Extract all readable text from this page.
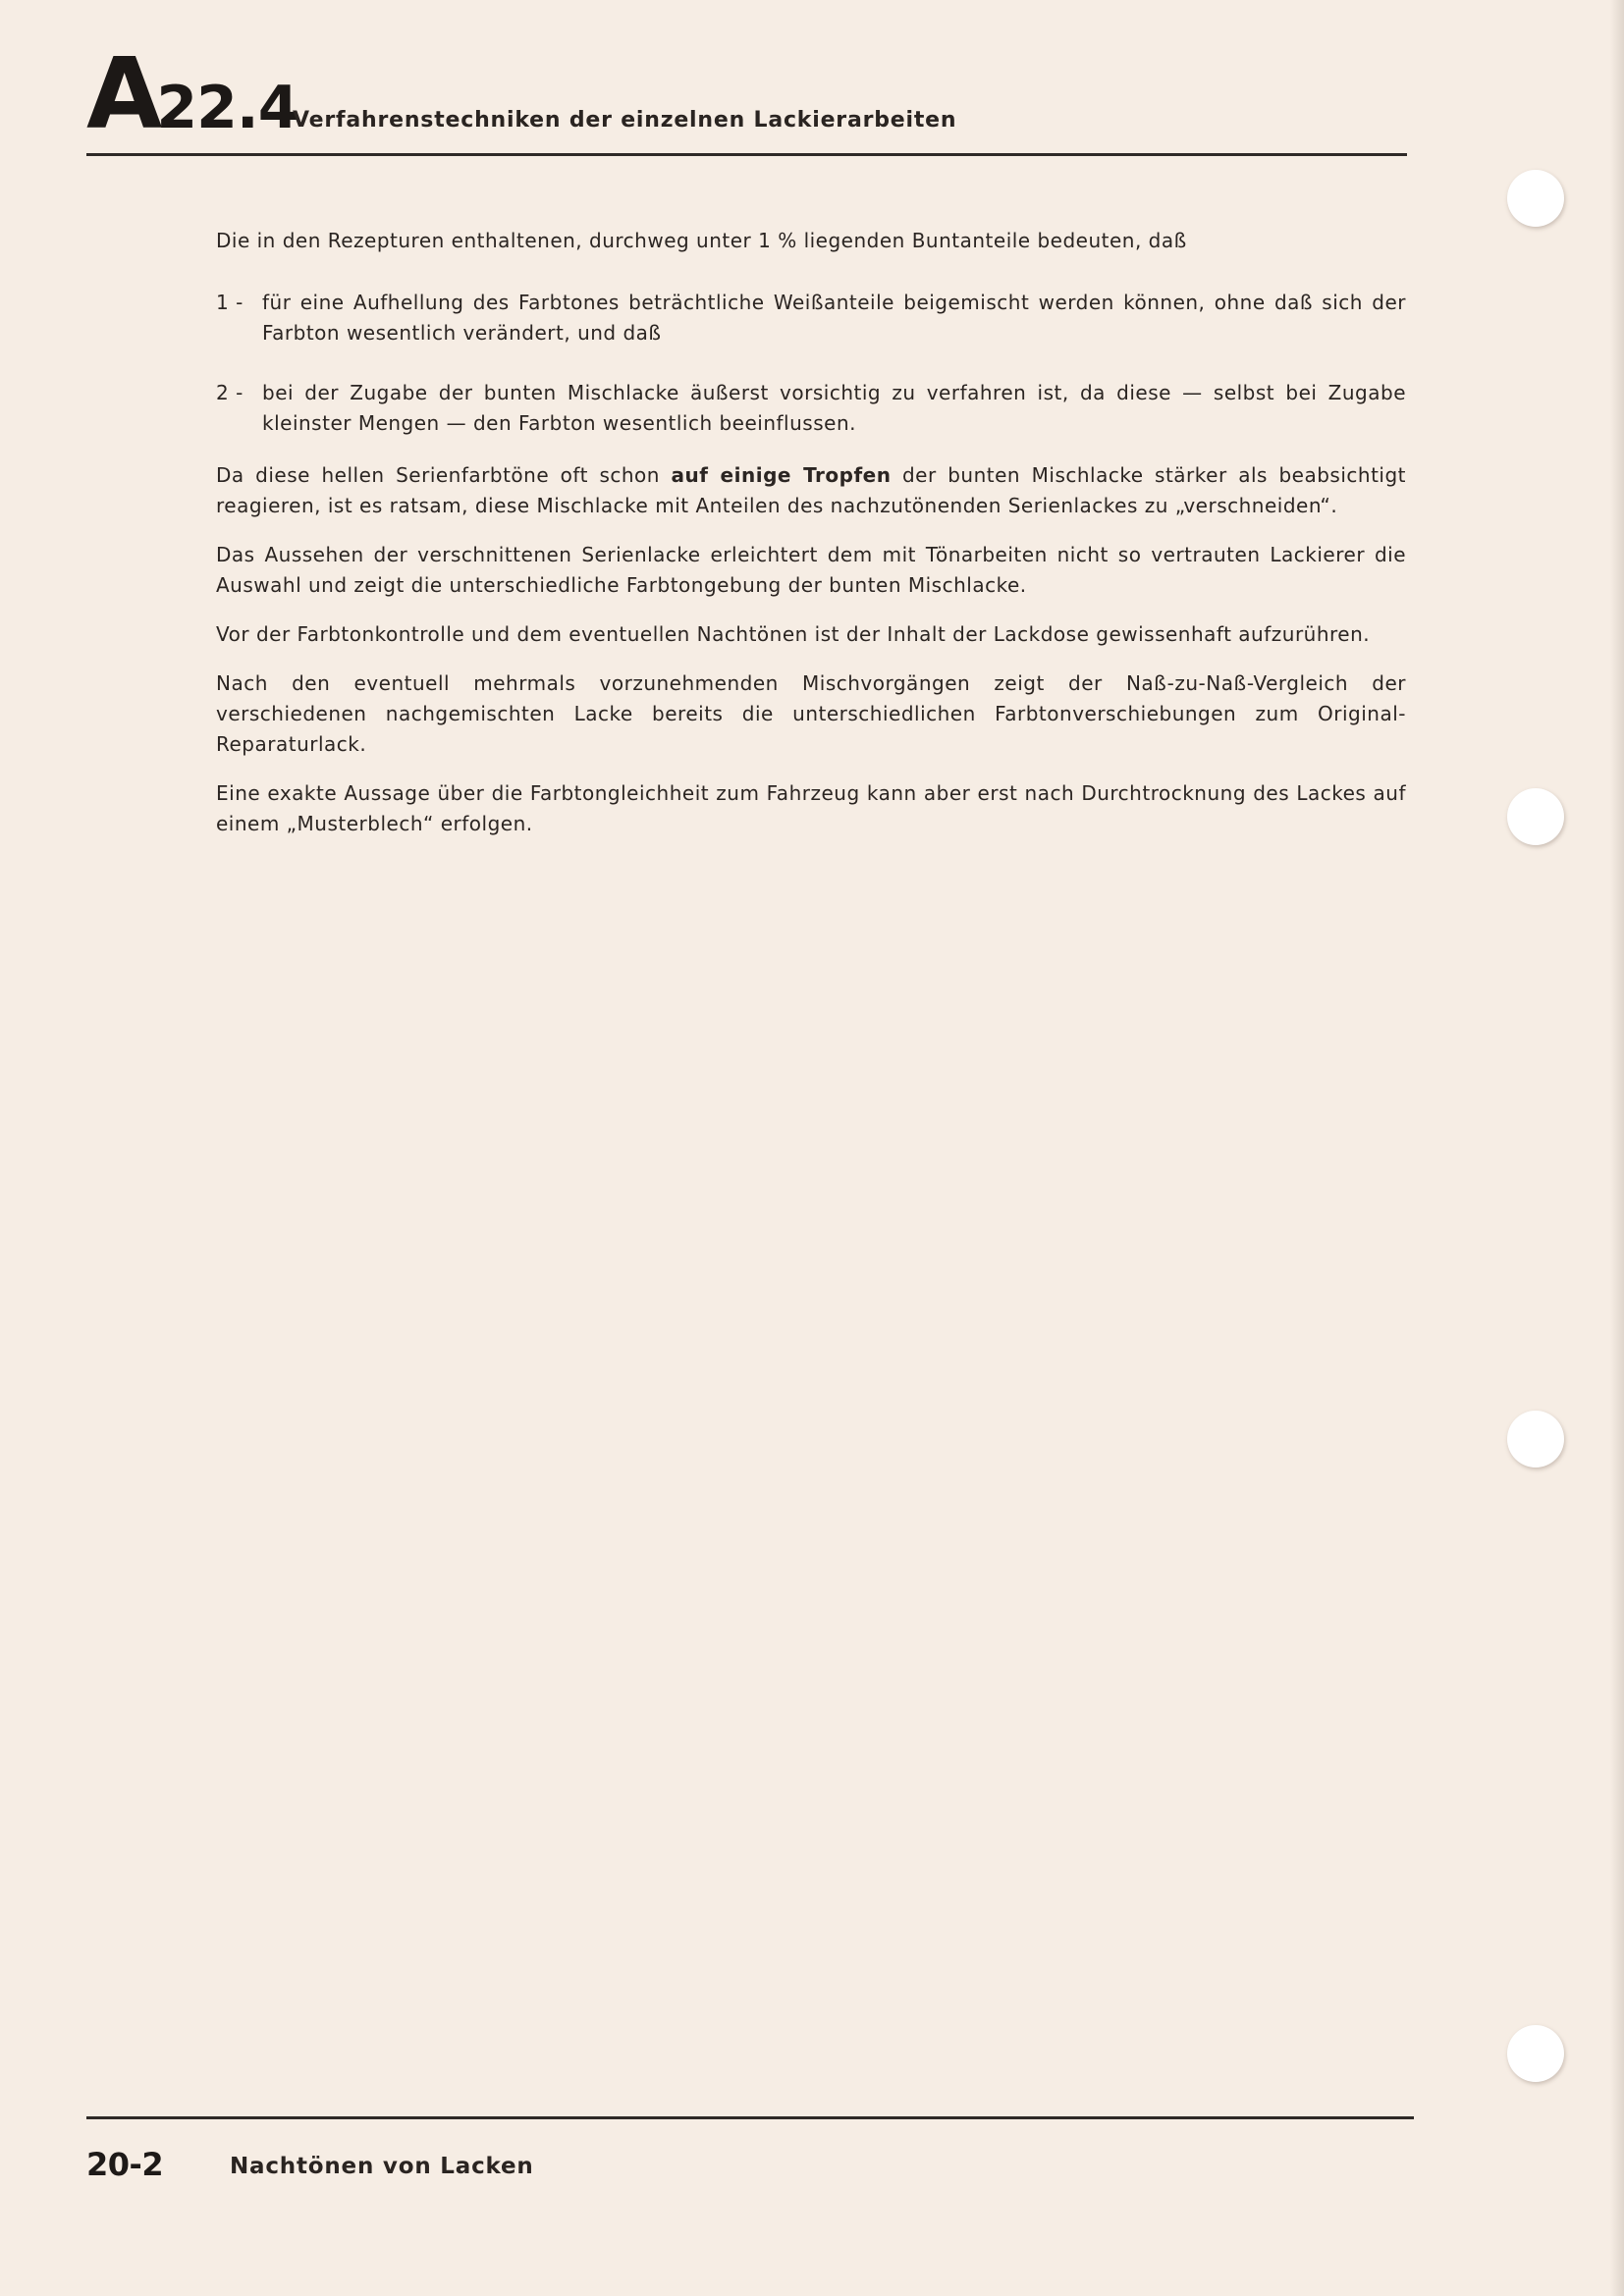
A22.4
Verfahrenstechniken der einzelnen Lackierarbeiten

Die in den Rezepturen enthaltenen, durchweg unter 1 % liegenden Buntanteile bedeuten, daß

1 - für eine Aufhellung des Farbtones beträchtliche Weißanteile beigemischt werden können, ohne daß sich der Farbton wesentlich verändert, und daß
2 - bei der Zugabe der bunten Mischlacke äußerst vorsichtig zu verfahren ist, da diese — selbst bei Zugabe kleinster Mengen — den Farbton wesentlich beeinflussen.

Da diese hellen Serienfarbtöne oft schon auf einige Tropfen der bunten Mischlacke stärker als beabsichtigt reagieren, ist es ratsam, diese Mischlacke mit Anteilen des nachzutönenden Serienlackes zu „verschneiden“.

Das Aussehen der verschnittenen Serienlacke erleichtert dem mit Tönarbeiten nicht so vertrauten Lackierer die Auswahl und zeigt die unterschiedliche Farbtongebung der bunten Mischlacke.

Vor der Farbtonkontrolle und dem eventuellen Nachtönen ist der Inhalt der Lackdose gewissenhaft aufzurühren.

Nach den eventuell mehrmals vorzunehmenden Mischvorgängen zeigt der Naß-zu-Naß-Vergleich der verschiedenen nachgemischten Lacke bereits die unterschiedlichen Farbtonverschiebungen zum Original-Reparaturlack.

Eine exakte Aussage über die Farbtongleichheit zum Fahrzeug kann aber erst nach Durchtrocknung des Lackes auf einem „Musterblech“ erfolgen.

20-2	Nachtönen von Lacken
